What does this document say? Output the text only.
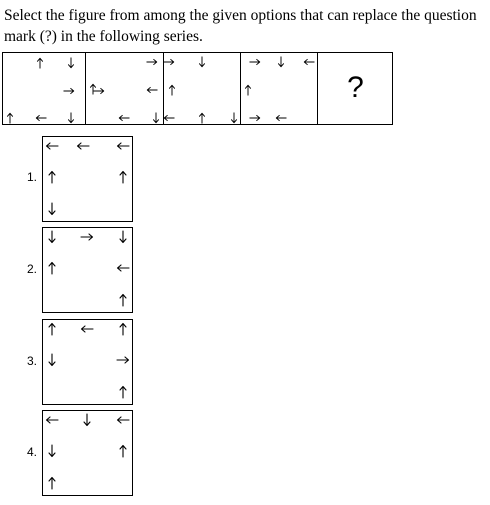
Select the figure from among the given options that can replace the question mark (?) in the following series.

?
1.
2.
3.
4.
